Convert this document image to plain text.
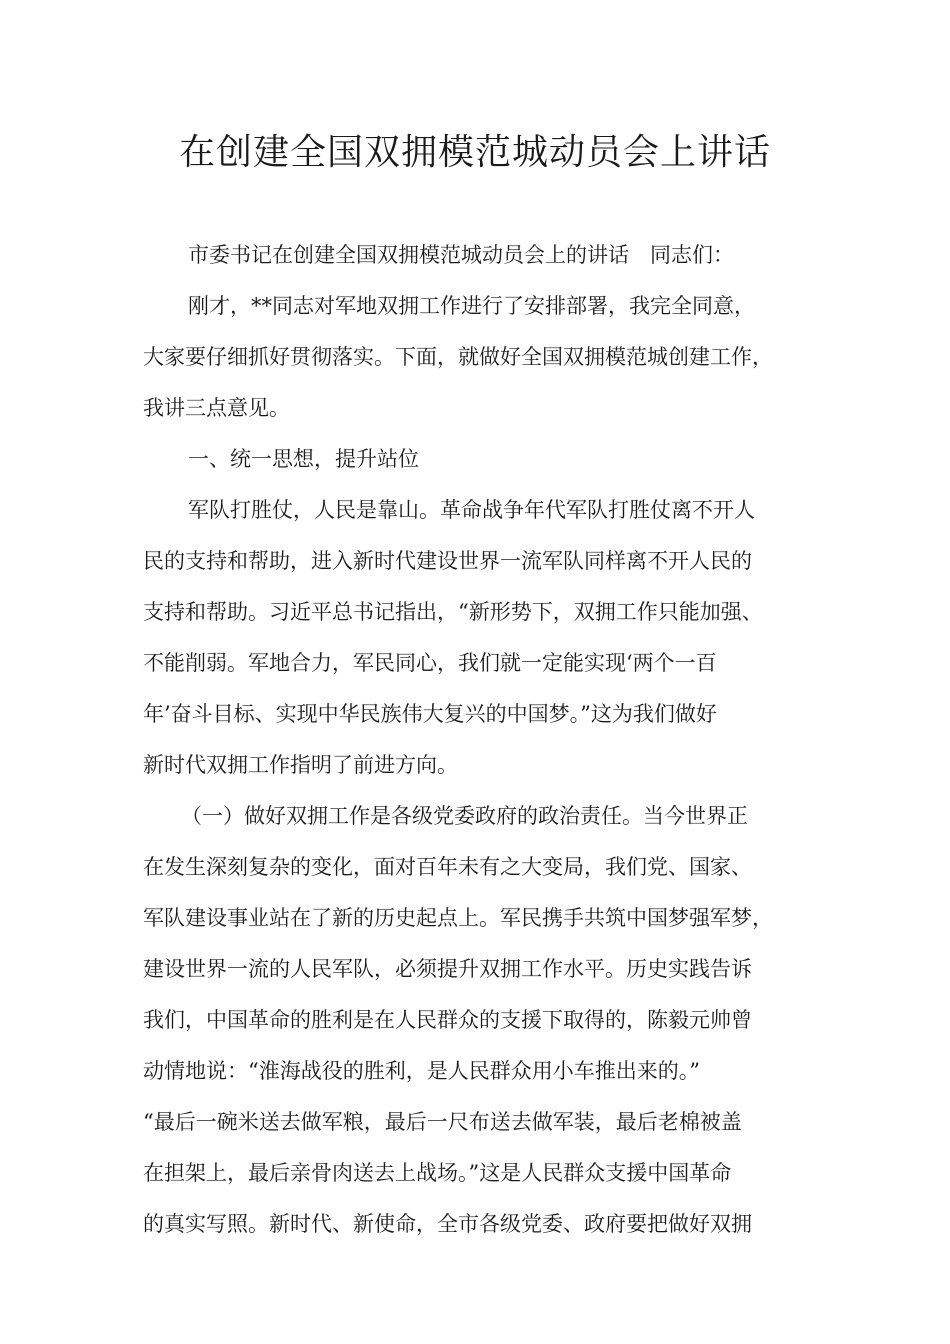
在创建全国双拥模范城动员会上讲话
市委书记在创建全国双拥模范城动员会上的讲话　同志们：
刚才，**同志对军地双拥工作进行了安排部署，我完全同意，
大家要仔细抓好贯彻落实。下面，就做好全国双拥模范城创建工作，
我讲三点意见。
一、统一思想，提升站位
军队打胜仗，人民是靠山。革命战争年代军队打胜仗离不开人
民的支持和帮助，进入新时代建设世界一流军队同样离不开人民的
支持和帮助。习近平总书记指出，“新形势下，双拥工作只能加强、
不能削弱。军地合力，军民同心，我们就一定能实现‘两个一百
年’奋斗目标、实现中华民族伟大复兴的中国梦。”这为我们做好
新时代双拥工作指明了前进方向。
（一）做好双拥工作是各级党委政府的政治责任。当今世界正
在发生深刻复杂的变化，面对百年未有之大变局，我们党、国家、
军队建设事业站在了新的历史起点上。军民携手共筑中国梦强军梦，
建设世界一流的人民军队，必须提升双拥工作水平。历史实践告诉
我们，中国革命的胜利是在人民群众的支援下取得的，陈毅元帅曾
动情地说：“淮海战役的胜利，是人民群众用小车推出来的。”
“最后一碗米送去做军粮，最后一尺布送去做军装，最后老棉被盖
在担架上，最后亲骨肉送去上战场。”这是人民群众支援中国革命
的真实写照。新时代、新使命，全市各级党委、政府要把做好双拥
